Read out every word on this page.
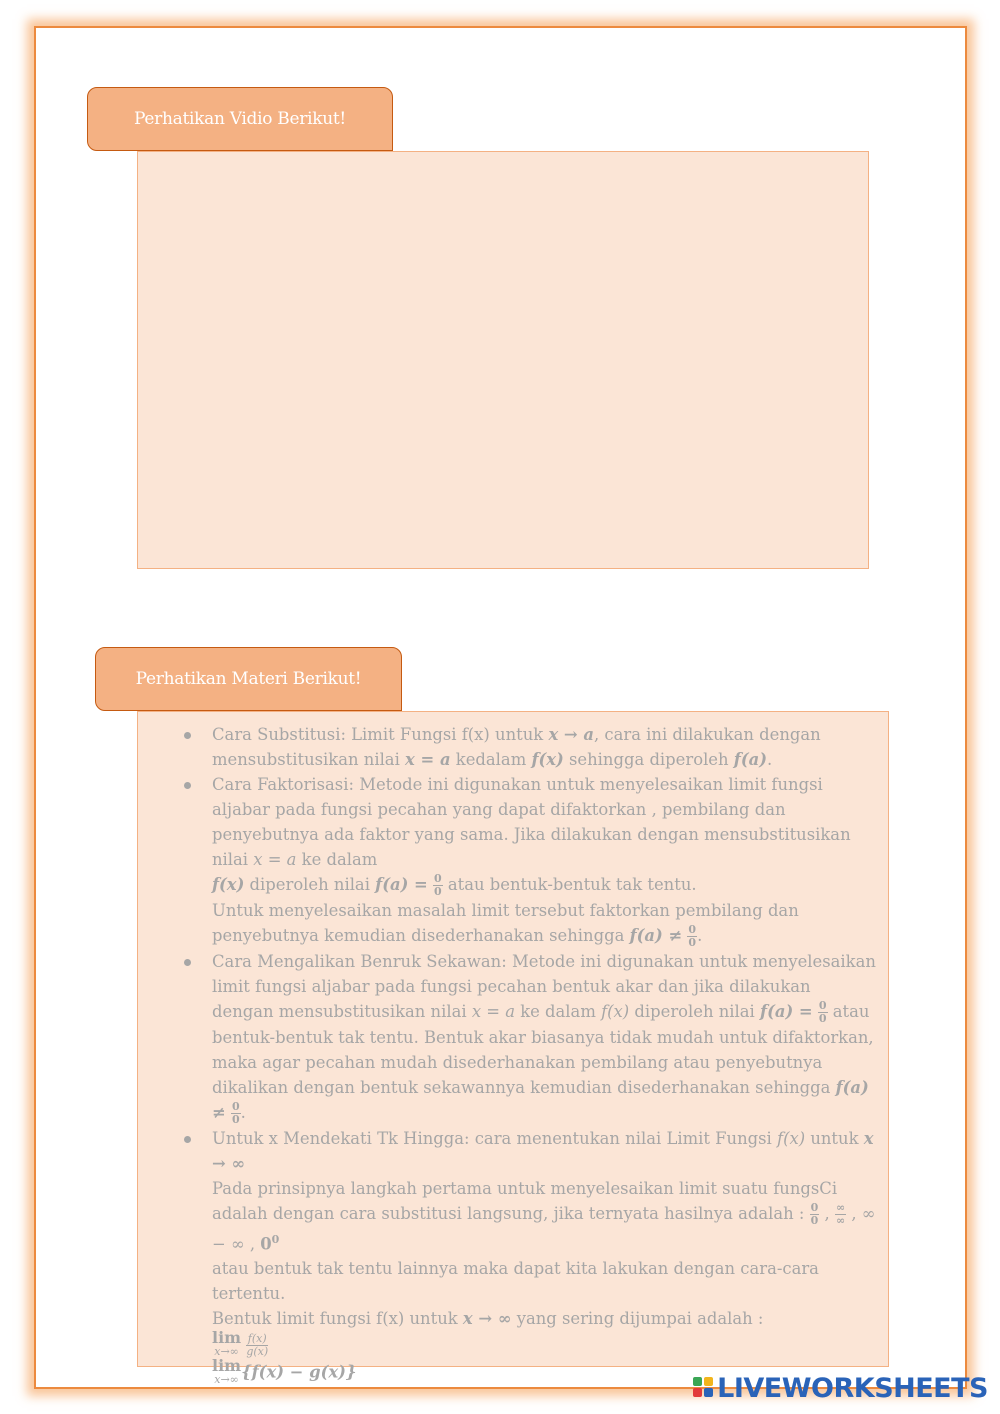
Perhatikan Vidio Berikut!
Perhatikan Materi Berikut!

Cara Substitusi: Limit Fungsi f(x) untuk x → a, cara ini dilakukan dengan
mensubstitusikan nilai x = a kedalam f(x) sehingga diperoleh f(a).

Cara Faktorisasi: Metode ini digunakan untuk menyelesaikan limit fungsi aljabar pada fungsi pecahan yang dapat difaktorkan , pembilang dan penyebutnya ada faktor yang sama. Jika dilakukan dengan mensubstitusikan nilai x = a ke dalam
f(x) diperoleh nilai $f(a) = \frac{0}{0}$ atau bentuk-bentuk tak tentu.
Untuk menyelesaikan masalah limit tersebut faktorkan pembilang dan penyebutnya kemudian disederhanakan sehingga $f(a) \ne \frac{0}{0}$ .

Cara Mengalikan Benruk Sekawan: Metode ini digunakan untuk menyelesaikan limit fungsi aljabar pada fungsi pecahan bentuk akar dan jika dilakukan dengan mensubstitusikan nilai x = a ke dalam f(x) diperoleh nilai $f(a) = \frac{0}{0}$ atau bentuk-bentuk tak tentu. Bentuk akar biasanya tidak mudah untuk difaktorkan, maka agar pecahan mudah disederhanakan pembilang atau penyebutnya dikalikan dengan bentuk sekawannya kemudian disederhanakan sehingga $f(a) \ne \frac{0}{0}$ .

Untuk x Mendekati Tk Hingga: cara menentukan nilai Limit Fungsi f(x) untuk x → ∞
Pada prinsipnya langkah pertama untuk menyelesaikan limit suatu fungsCi adalah dengan cara substitusi langsung, jika ternyata hasilnya adalah : $\frac{0}{0}$ , $\frac{\infty}{\infty}$ , ∞ − ∞ , $0^0$
atau bentuk tak tentu lainnya maka dapat kita lakukan dengan cara-cara tertentu.
Bentuk limit fungsi f(x) untuk x → ∞ yang sering dijumpai adalah :
lim
x→∞
$\frac{f(x)}{g(x)}$

lim
x→∞ {f(x) − g(x)}

LIVEWORKSHEETS
